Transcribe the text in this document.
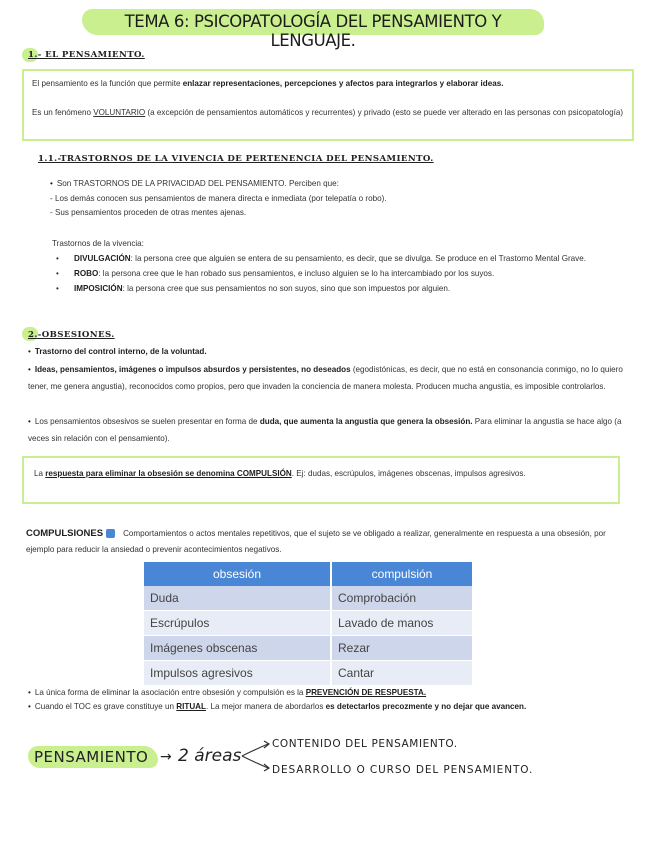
TEMA 6: PSICOPATOLOGÍA DEL PENSAMIENTO Y LENGUAJE.
1.- EL PENSAMIENTO.
El pensamiento es la función que permite enlazar representaciones, percepciones y afectos para integrarlos y elaborar ideas.
Es un fenómeno VOLUNTARIO (a excepción de pensamientos automáticos y recurrentes) y privado (esto se puede ver alterado en las personas con psicopatología)
1.1.-TRASTORNOS DE LA VIVENCIA DE PERTENENCIA DEL PENSAMIENTO.
• Son TRASTORNOS DE LA PRIVACIDAD DEL PENSAMIENTO. Perciben que:
- Los demás conocen sus pensamientos de manera directa e inmediata (por telepatía o robo).
- Sus pensamientos proceden de otras mentes ajenas.
Trastornos de la vivencia:
•	DIVULGACIÓN: la persona cree que alguien se entera de su pensamiento, es decir, que se divulga. Se produce en el Trastorno Mental Grave.
•	ROBO: la persona cree que le han robado sus pensamientos, e incluso alguien se lo ha intercambiado por los suyos.
•	IMPOSICIÓN: la persona cree que sus pensamientos no son suyos, sino que son impuestos por alguien.
2.-OBSESIONES.
• Trastorno del control interno, de la voluntad.
• Ideas, pensamientos, imágenes o impulsos absurdos y persistentes, no deseados (egodistónicas, es decir, que no está en consonancia conmigo, no lo quiero tener, me genera angustia), reconocidos como propios, pero que invaden la conciencia de manera molesta. Producen mucha angustia, es imposible controlarlos.
• Los pensamientos obsesivos se suelen presentar en forma de duda, que aumenta la angustia que genera la obsesión. Para eliminar la angustia se hace algo (a veces sin relación con el pensamiento).
La respuesta para eliminar la obsesión se denomina COMPULSIÓN. Ej: dudas, escrúpulos, imágenes obscenas, impulsos agresivos.
COMPULSIONES Comportamientos o actos mentales repetitivos, que el sujeto se ve obligado a realizar, generalmente en respuesta a una obsesión, por ejemplo para reducir la ansiedad o prevenir acontecimientos negativos.
obsesión	compulsión
Duda	Comprobación
Escrúpulos	Lavado de manos
Imágenes obscenas	Rezar
Impulsos agresivos	Cantar
• La única forma de eliminar la asociación entre obsesión y compulsión es la PREVENCIÓN DE RESPUESTA.
• Cuando el TOC es grave constituye un RITUAL. La mejor manera de abordarlos es detectarlos precozmente y no dejar que avancen.
PENSAMIENTO → 2 áreas
CONTENIDO DEL PENSAMIENTO.
DESARROLLO O CURSO DEL PENSAMIENTO.
